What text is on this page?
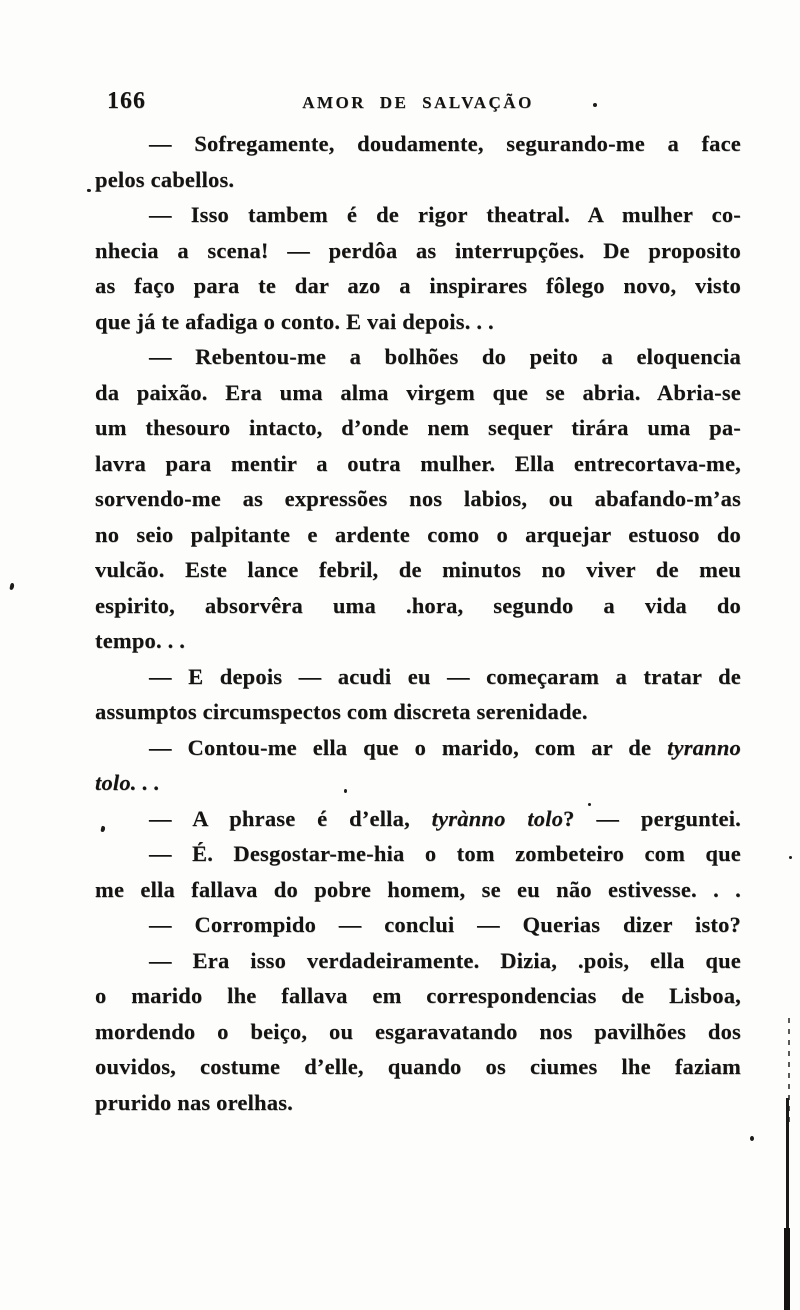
166	AMOR DE SALVAÇÃO
— Sofregamente, doudamente, segurando-me a face
pelos cabellos.
— Isso tambem é de rigor theatral. A mulher co-
nhecia a scena! — perdôa as interrupções. De proposito
as faço para te dar azo a inspirares fôlego novo, visto
que já te afadiga o conto. E vai depois. . .
— Rebentou-me a bolhões do peito a eloquencia
da paixão. Era uma alma virgem que se abria. Abria-se
um thesouro intacto, d’onde nem sequer tirára uma pa-
lavra para mentir a outra mulher. Ella entrecortava-me,
sorvendo-me as expressões nos labios, ou abafando-m’as
no seio palpitante e ardente como o arquejar estuoso do
vulcão. Este lance febril, de minutos no viver de meu
espirito, absorvêra uma .hora, segundo a vida do
tempo. . .
— E depois — acudi eu — começaram a tratar de
assumptos circumspectos com discreta serenidade.
— Contou-me ella que o marido, com ar de tyranno
tolo. . .
— A phrase é d’ella, tyrànno tolo? — perguntei.
— É. Desgostar-me-hia o tom zombeteiro com que
me ella fallava do pobre homem, se eu não estivesse. . .
— Corrompido — conclui — Querias dizer isto?
— Era isso verdadeiramente. Dizia, .pois, ella que
o marido lhe fallava em correspondencias de Lisboa,
mordendo o beiço, ou esgaravatando nos pavilhões dos
ouvidos, costume d’elle, quando os ciumes lhe faziam
prurido nas orelhas.
